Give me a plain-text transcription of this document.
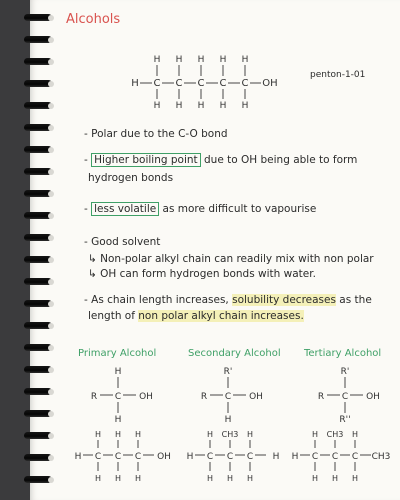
Alcohols
H C C C C C OH
H
H
H
H
H
H
H
H
H
H
penton-1-01
- Polar due to the C-O bond
- Higher boiling point due to OH being able to form
hydrogen bonds
- less volatile as more difficult to vapourise
- Good solvent
↳ Non-polar alkyl chain can readily mix with non polar
↳ OH can form hydrogen bonds with water.
- As chain length increases, solubility decreases as the
length of non polar alkyl chain increases.
Primary Alcohol	Secondary Alcohol Tertiary Alcohol
R C OH
H
H
R C OH
R'
H
R C OH
R'
R''
H C
H
H
C
H
H
C
H
H
OH H C
H
H
C
CH3
H
C
H
H
H H C
H
H
C
CH3
H
C
H
H
CH3
